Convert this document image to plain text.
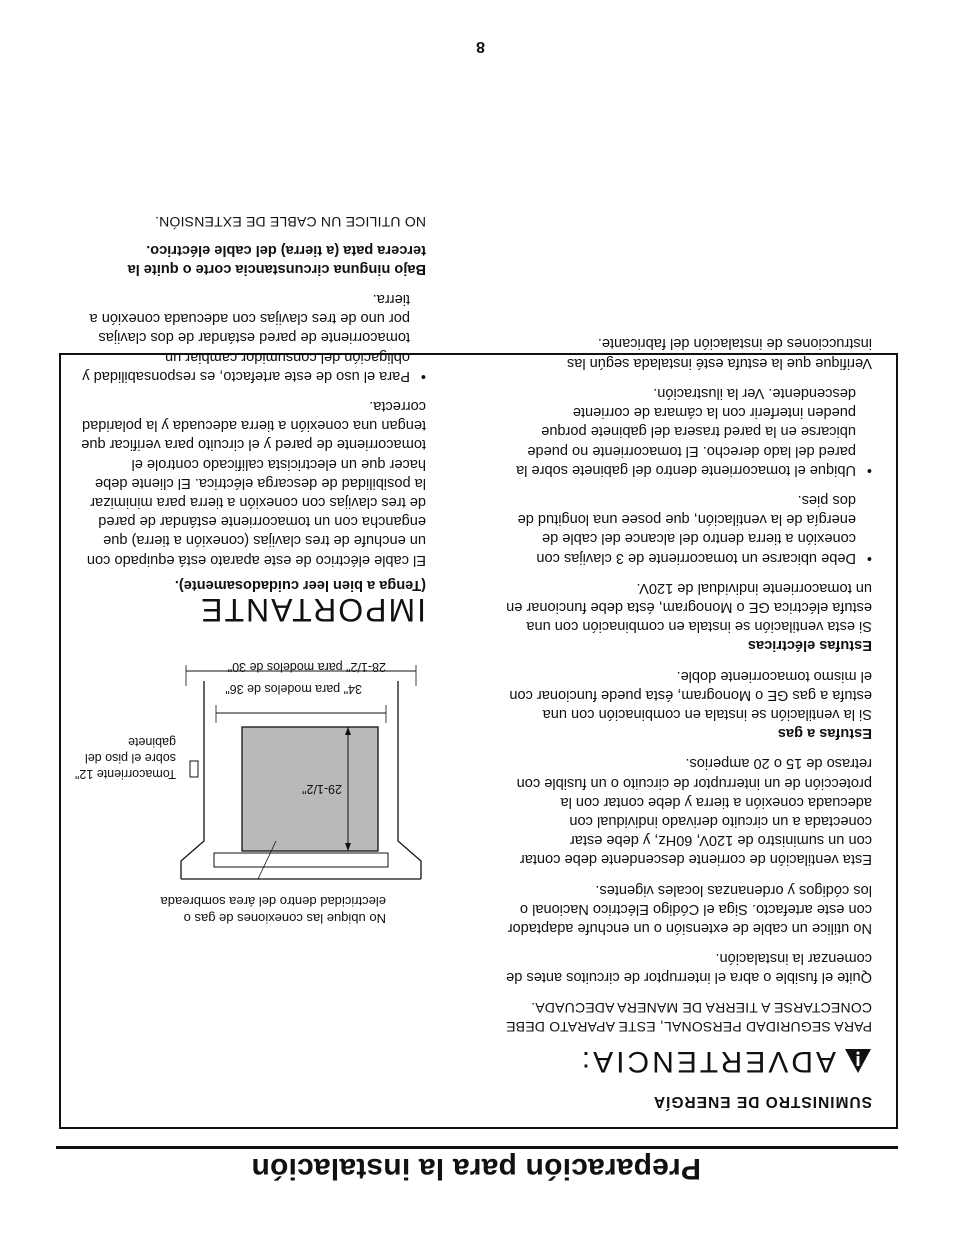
Preparación para la instalación
SUMINISTRO DE ENERGÍA
ADVERTENCIA:

PARA SEGURIDAD PERSONAL, ESTE APARATO DEBE CONECTARSE A TIERRA DE MANERA ADECUADA.

Quite el fusible o abra el interruptor de circuitos antes de comenzar la instalación.

No utilice un cable de extensión o un enchufe adaptador con este artefacto. Siga el Código Eléctrico Nacional o los códigos y ordenanzas locales vigentes.

Esta ventilación de corriente descendente debe contar con un suministro de 120V, 60Hz, y debe estar conectada a un circuito derivado individual con adecuada conexión a tierra y debe contar con la protección de un interruptor de circuito o un fusible con retraso de 15 o 20 amperios.

Estufas a gas

Si la ventilación se instala en combinación con una estufa a gas GE o Monogram, ésta puede funcionar con el mismo tomacorriente doble.

Estufas eléctricas

Si esta ventilación se instala en combinación con una estufa eléctrica GE o Monogram, ésta debe funcionar en un tomacorriente individual de 120V.

• Debe ubicarse un tomacorriente de 3 clavijas con conexión a tierra dentro del alcance del cable de energía de la ventilación, que posee una longitud de dos pies.
• Ubique el tomacorriente dentro del gabinete sobre la pared del lado derecho. El tomacorriente no puede ubicarse en la pared trasera del gabinete porque pueden interferir con la cámara de corriente descendente. Ver la ilustración.

Verifique que la estufa esté instalada según las instrucciones de instalación del fabricante.

No ubique las conexiones de gas o electricidad dentro del área sombreada
29-1/2"
Tomacorriente 12" sobre el piso del gabinete
34" para modelos de 36"
28-1/2" para modelos de 30"
IMPORTANTE
(Tenga a bien leer cuidadosamente).

El cable eléctrico de este aparato está equipado con un enchufe de tres clavijas (conexión a tierra) que engancha con un tomacorriente estándar de pared de tres clavijas con conexión a tierra para minimizar la posibilidad de descarga eléctrica. El cliente debe hacer que un electricista calificado controle el tomacorriente de pared y el circuito para verificar que tengan una conexión a tierra adecuada y la polaridad correcta.

• Para el uso de este artefacto, es responsabilidad y obligación del consumidor cambiar un tomacorriente de pared estándar de dos clavijas por uno de tres clavijas con adecuada conexión a tierra.
Bajo ninguna circunstancia corte o quite la tercera pata (a tierra) del cable eléctrico.

NO UTILICE UN CABLE DE EXTENSIÓN.

8
